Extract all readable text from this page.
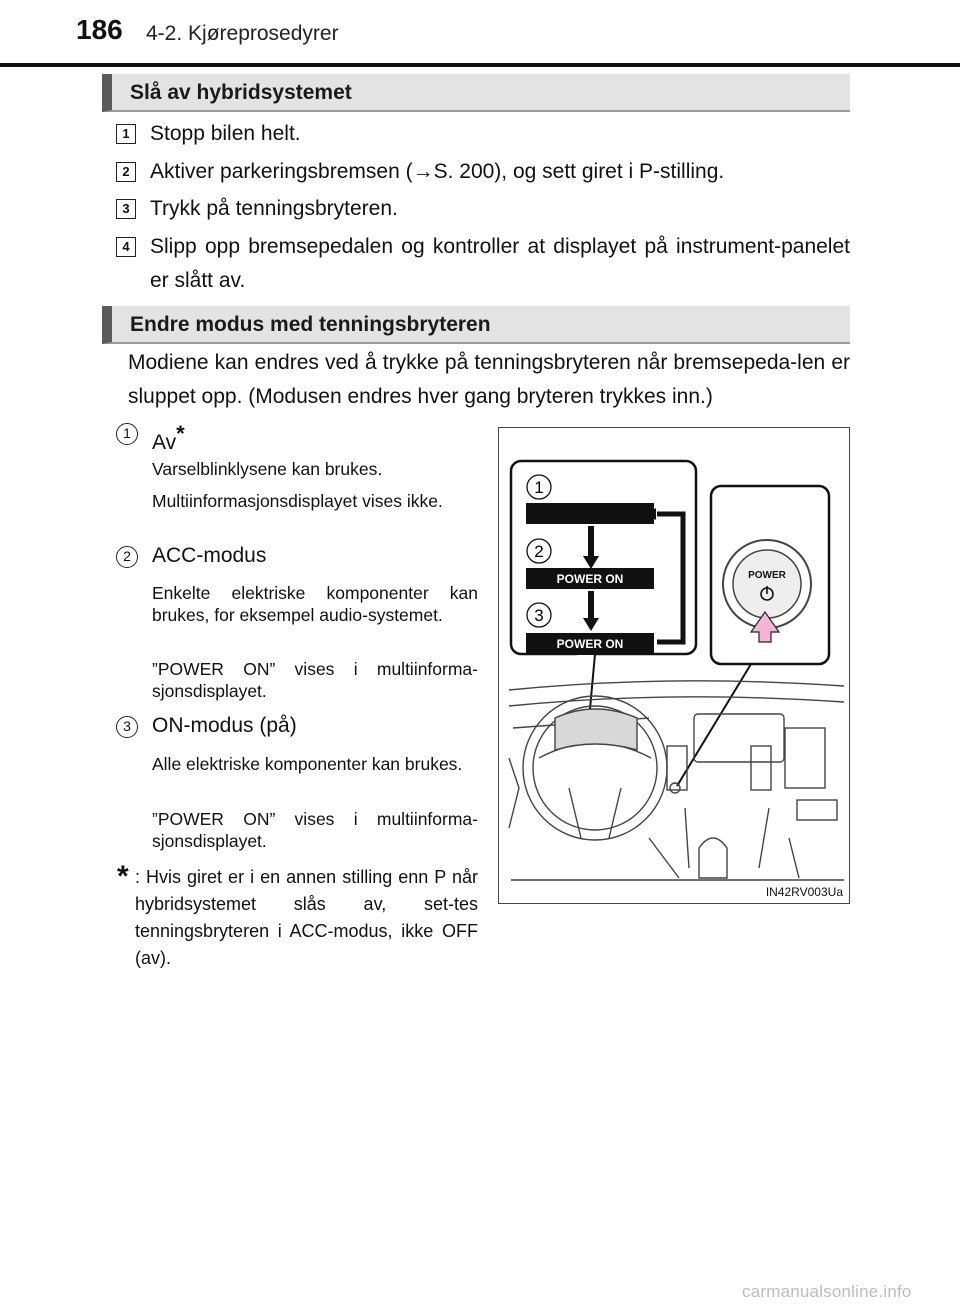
186 4-2. Kjøreprosedyrer
Slå av hybridsystemet
1 Stopp bilen helt.
2 Aktiver parkeringsbremsen (→S. 200), og sett giret i P-stilling.
3 Trykk på tenningsbryteren.
4 Slipp opp bremsepedalen og kontroller at displayet på instrument-panelet er slått av.
Endre modus med tenningsbryteren
Modiene kan endres ved å trykke på tenningsbryteren når bremsepeda-len er sluppet opp. (Modusen endres hver gang bryteren trykkes inn.)
1	Av*
Varselblinklysene kan brukes.
Multiinformasjonsdisplayet vises ikke.
2	ACC-modus
Enkelte elektriske komponenter kan brukes, for eksempel audio-systemet.
”POWER ON” vises i multiinforma-sjonsdisplayet.
3	ON-modus (på)
Alle elektriske komponenter kan brukes.
”POWER ON” vises i multiinforma-sjonsdisplayet.
* : Hvis giret er i en annen stilling enn P når hybridsystemet slås av, set-tes tenningsbryteren i ACC-modus, ikke OFF (av).
1
2
POWER ON
3
POWER ON
POWER
IN42RV003Ua
carmanualsonline.info
